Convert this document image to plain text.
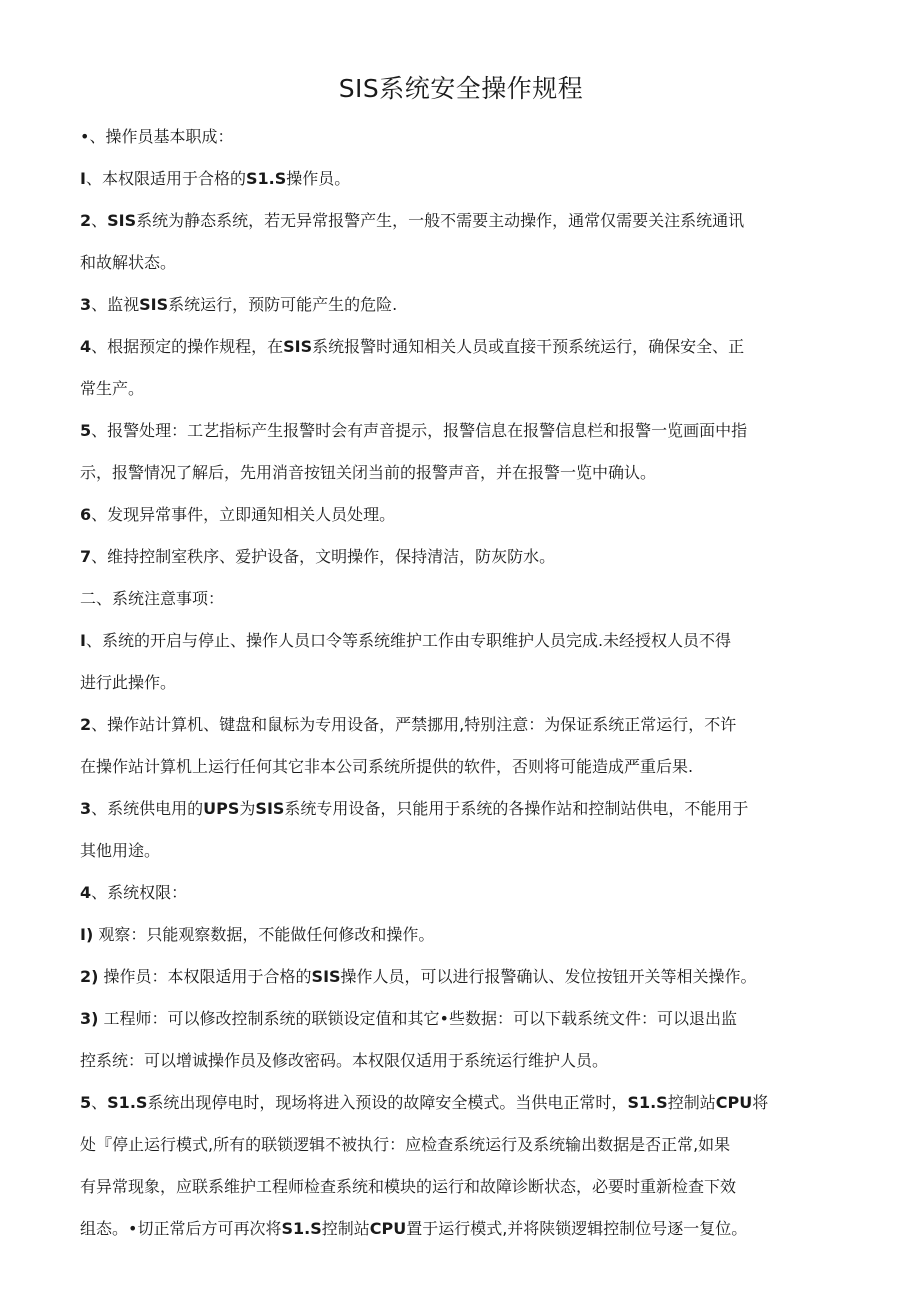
SIS系统安全操作规程

•、操作员基本职成：

I、本权限适用于合格的S1.S操作员。

2、SIS系统为静态系统，若无异常报警产生，一般不需要主动操作，通常仅需要关注系统通讯

和故解状态。

3、监视SIS系统运行，预防可能产生的危险.

4、根据预定的操作规程，在SIS系统报警时通知相关人员或直接干预系统运行，确保安全、正

常生产。

5、报警处理：工艺指标产生报警时会有声音提示，报警信息在报警信息栏和报警一览画面中指

示，报警情况了解后，先用消音按钮关闭当前的报警声音，并在报警一览中确认。

6、发现异常事件，立即通知相关人员处理。

7、维持控制室秩序、爱护设备，文明操作，保持清洁，防灰防水。

二、系统注意事项：

I、系统的开启与停止、操作人员口令等系统维护工作由专职维护人员完成.未经授权人员不得

进行此操作。

2、操作站计算机、键盘和鼠标为专用设备，严禁挪用,特别注意：为保证系统正常运行，不许

在操作站计算机上运行任何其它非本公司系统所提供的软件，否则将可能造成严重后果.

3、系统供电用的UPS为SIS系统专用设备，只能用于系统的各操作站和控制站供电，不能用于

其他用途。

4、系统权限：

I) 观察：只能观察数据，不能做任何修改和操作。

2) 操作员：本权限适用于合格的SIS操作人员，可以进行报警确认、发位按钮开关等相关操作。

3) 工程师：可以修改控制系统的联锁设定值和其它•些数据：可以下载系统文件：可以退出监

控系统：可以增诚操作员及修改密码。本权限仅适用于系统运行维护人员。

5、S1.S系统出现停电时，现场将进入预设的故障安全模式。当供电正常时，S1.S控制站CPU将

处『停止运行模式,所有的联锁逻辑不被执行：应检查系统运行及系统输出数据是否正常,如果

有异常现象，应联系维护工程师检查系统和模块的运行和故障诊断状态，必要时重新检查下效

组态。•切正常后方可再次将S1.S控制站CPU置于运行模式,并将陕锁逻辑控制位号逐一复位。
